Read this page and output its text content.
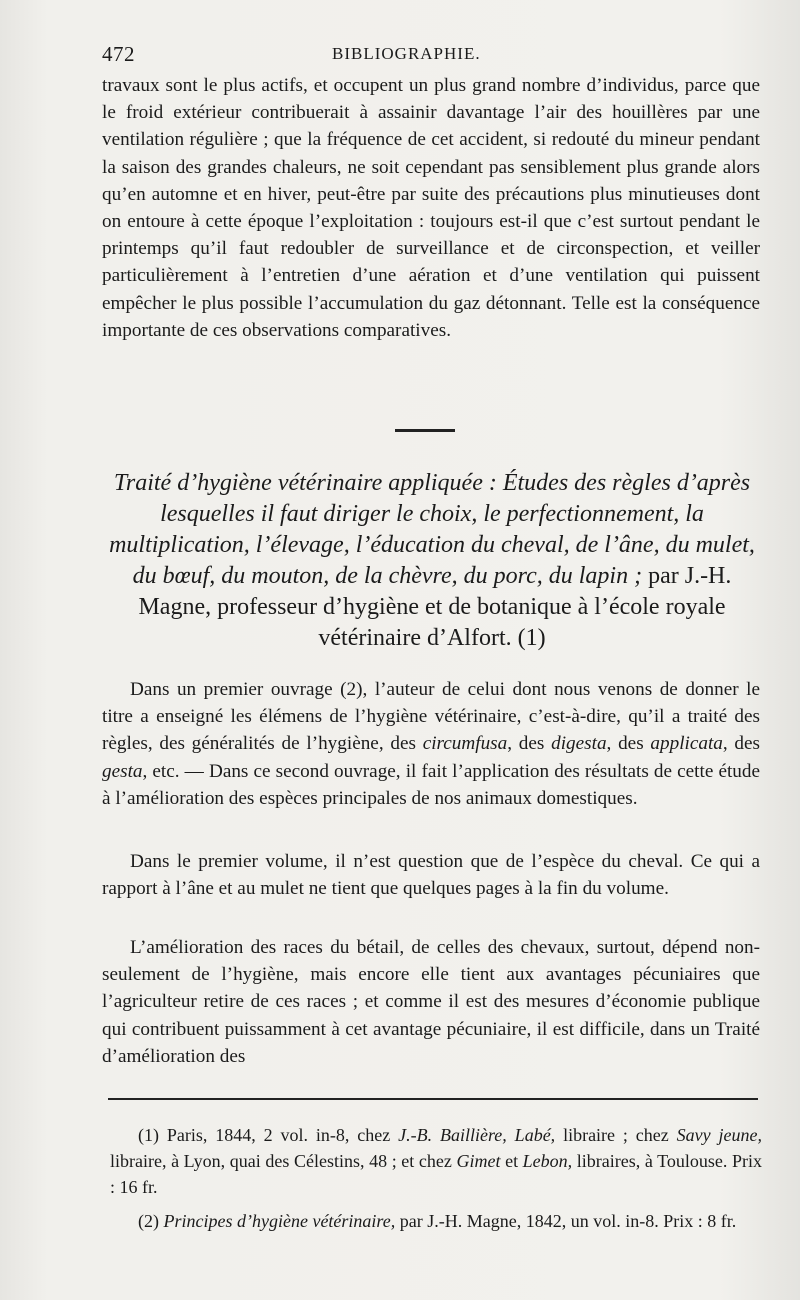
472	BIBLIOGRAPHIE.

travaux sont le plus actifs, et occupent un plus grand nombre d’individus, parce que le froid extérieur contribuerait à assainir davantage l’air des houillères par une ventilation régulière ; que la fréquence de cet accident, si redouté du mineur pendant la saison des grandes chaleurs, ne soit cependant pas sensiblement plus grande alors qu’en automne et en hiver, peut-être par suite des précautions plus minutieuses dont on entoure à cette époque l’exploitation : toujours est-il que c’est surtout pendant le printemps qu’il faut redoubler de surveillance et de circonspection, et veiller particulièrement à l’entretien d’une aération et d’une ventilation qui puissent empêcher le plus possible l’accumulation du gaz détonnant. Telle est la conséquence importante de ces observations comparatives.

Traité d’hygiène vétérinaire appliquée : Études des règles d’après lesquelles il faut diriger le choix, le perfectionnement, la multiplication, l’élevage, l’éducation du cheval, de l’âne, du mulet, du bœuf, du mouton, de la chèvre, du porc, du lapin ; par J.-H. Magne, professeur d’hygiène et de botanique à l’école royale vétérinaire d’Alfort. (1)

Dans un premier ouvrage (2), l’auteur de celui dont nous venons de donner le titre a enseigné les élémens de l’hygiène vétérinaire, c’est-à-dire, qu’il a traité des règles, des généralités de l’hygiène, des circumfusa, des digesta, des applicata, des gesta, etc. — Dans ce second ouvrage, il fait l’application des résultats de cette étude à l’amélioration des espèces principales de nos animaux domestiques.

Dans le premier volume, il n’est question que de l’espèce du cheval. Ce qui a rapport à l’âne et au mulet ne tient que quelques pages à la fin du volume.

L’amélioration des races du bétail, de celles des chevaux, surtout, dépend non-seulement de l’hygiène, mais encore elle tient aux avantages pécuniaires que l’agriculteur retire de ces races ; et comme il est des mesures d’économie publique qui contribuent puissamment à cet avantage pécuniaire, il est difficile, dans un Traité d’amélioration des

(1) Paris, 1844, 2 vol. in-8, chez J.-B. Baillière, Labé, libraire ; chez Savy jeune, libraire, à Lyon, quai des Célestins, 48 ; et chez Gimet et Lebon, libraires, à Toulouse. Prix : 16 fr.

(2) Principes d’hygiène vétérinaire, par J.-H. Magne, 1842, un vol. in-8. Prix : 8 fr.
